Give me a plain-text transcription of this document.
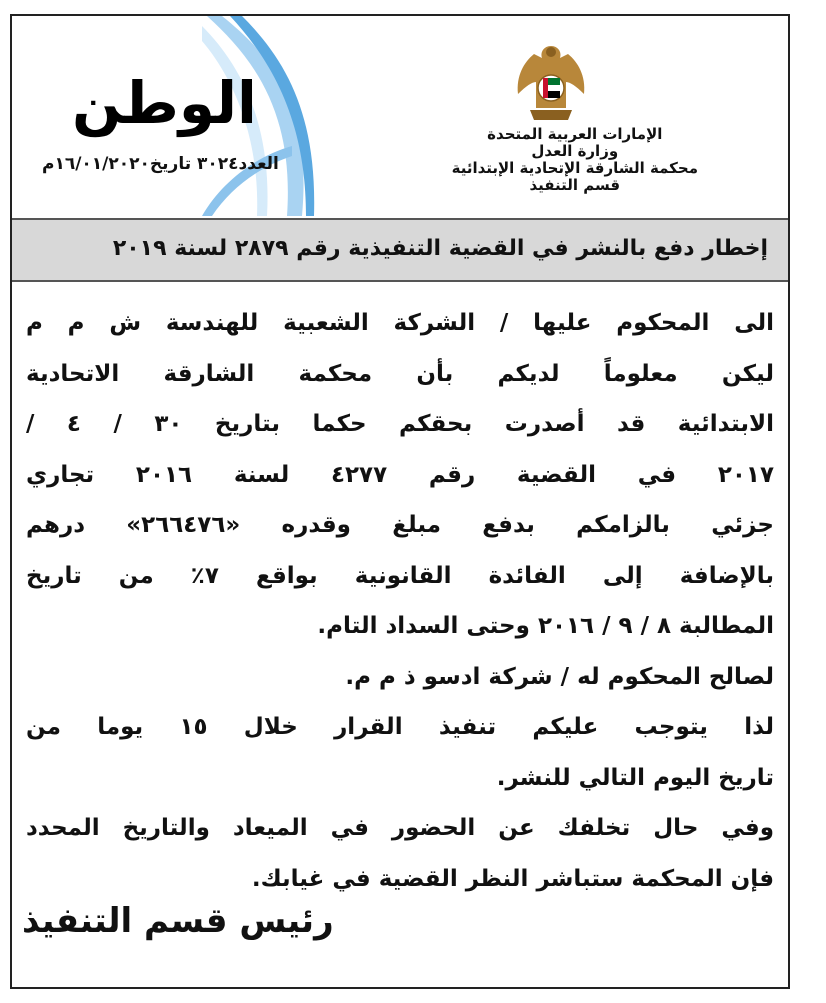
الوطن
العدد٣٠٢٤ تاريخ١٦/٠١/٢٠٢٠م
الإمارات العربية المتحدة
وزارة العدل
محكمة الشارقة الإتحادية الإبتدائية
قسم التنفيذ
إخطار دفع بالنشر في القضية التنفيذية رقم ٢٨٧٩ لسنة ٢٠١٩
الى المحكوم عليها / الشركة الشعبية للهندسة ش م م
ليكن معلوماً لديكم بأن محكمة الشارقة الاتحادية
الابتدائية قد أصدرت بحقكم حكما بتاريخ ٣٠ / ٤ /
٢٠١٧ في القضية رقم ٤٢٧٧ لسنة ٢٠١٦ تجاري
جزئي بالزامكم بدفع مبلغ وقدره «٢٦٦٤٧٦» درهم
بالإضافة إلى الفائدة القانونية بواقع ٧٪ من تاريخ
المطالبة ٨ / ٩ / ٢٠١٦ وحتى السداد التام.
لصالح المحكوم له / شركة ادسو ذ م م.
لذا يتوجب عليكم تنفيذ القرار خلال ١٥ يوما من
تاريخ اليوم التالي للنشر.
وفي حال تخلفك عن الحضور في الميعاد والتاريخ المحدد
فإن المحكمة ستباشر النظر القضية في غيابك.
رئيس قسم التنفيذ
